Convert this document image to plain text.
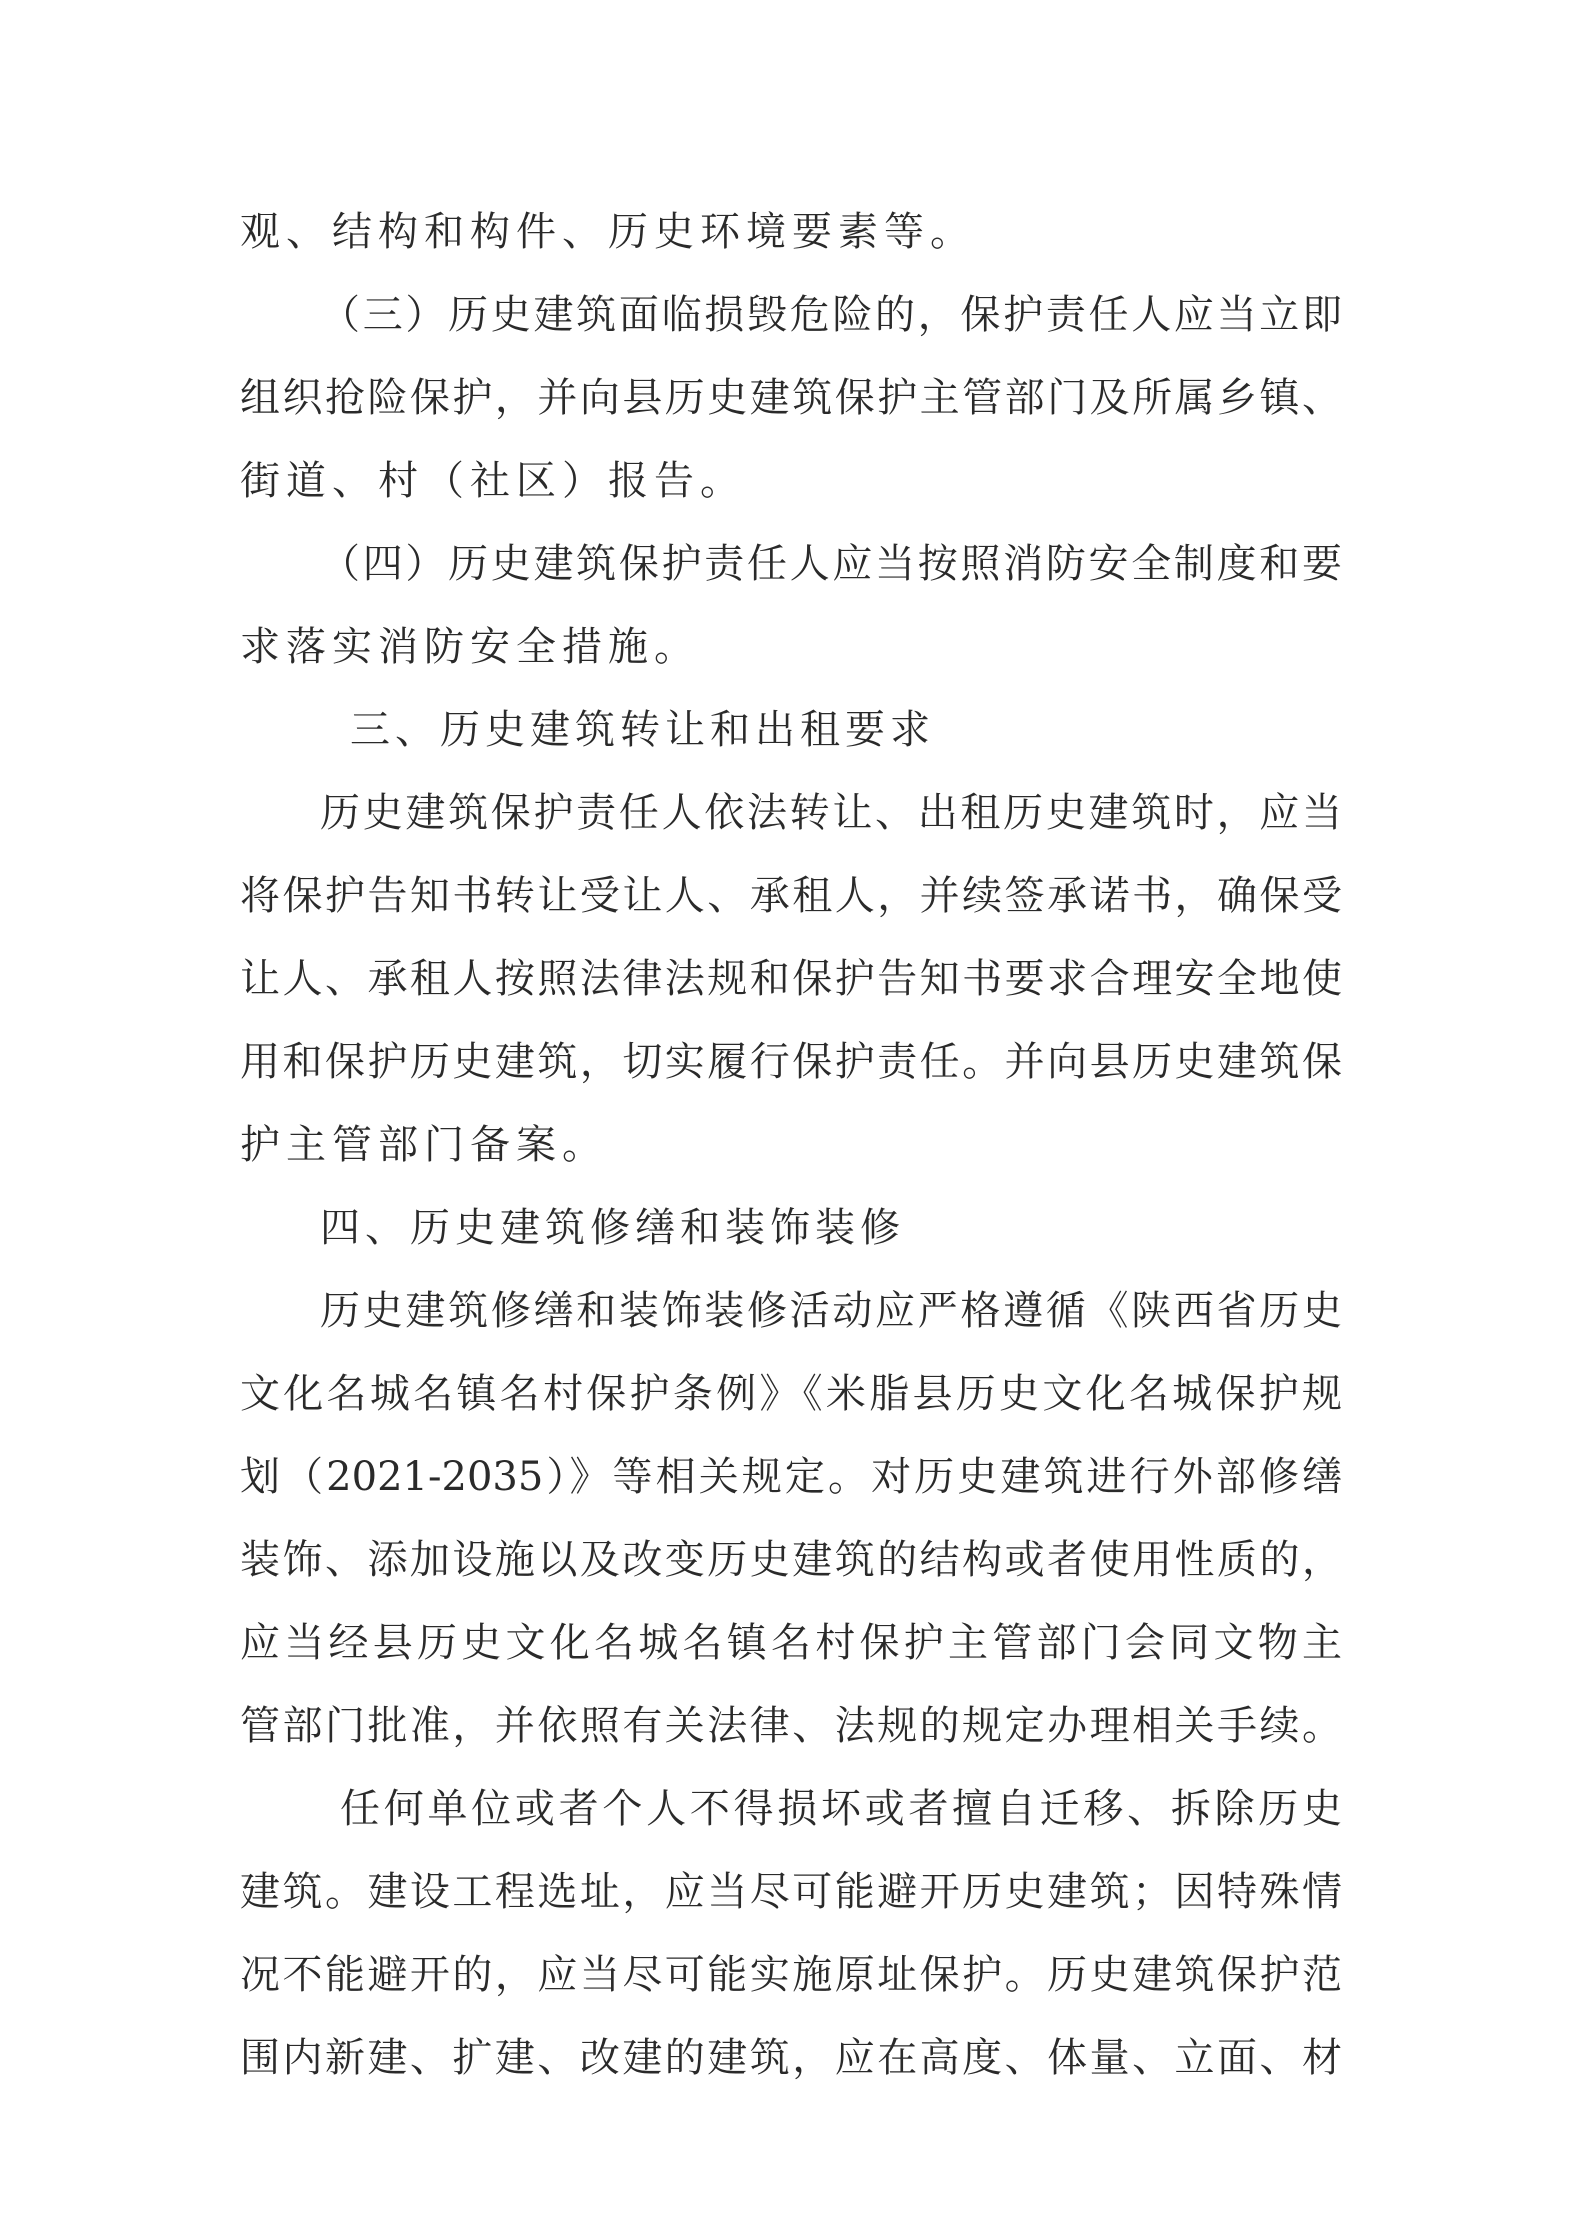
观、结构和构件、历史环境要素等。
（三）历史建筑面临损毁危险的，保护责任人应当立即
组织抢险保护，并向县历史建筑保护主管部门及所属乡镇、
街道、村（社区）报告。
（四）历史建筑保护责任人应当按照消防安全制度和要
求落实消防安全措施。
三、历史建筑转让和出租要求
历史建筑保护责任人依法转让、出租历史建筑时，应当
将保护告知书转让受让人、承租人，并续签承诺书，确保受
让人、承租人按照法律法规和保护告知书要求合理安全地使
用和保护历史建筑，切实履行保护责任。并向县历史建筑保
护主管部门备案。
四、历史建筑修缮和装饰装修
历史建筑修缮和装饰装修活动应严格遵循《陕西省历史
文化名城名镇名村保护条例》《米脂县历史文化名城保护规
划（2021-2035）》等相关规定。对历史建筑进行外部修缮
装饰、添加设施以及改变历史建筑的结构或者使用性质的，
应当经县历史文化名城名镇名村保护主管部门会同文物主
管部门批准，并依照有关法律、法规的规定办理相关手续。
任何单位或者个人不得损坏或者擅自迁移、拆除历史
建筑。建设工程选址，应当尽可能避开历史建筑；因特殊情
况不能避开的，应当尽可能实施原址保护。历史建筑保护范
围内新建、扩建、改建的建筑，应在高度、体量、立面、材
